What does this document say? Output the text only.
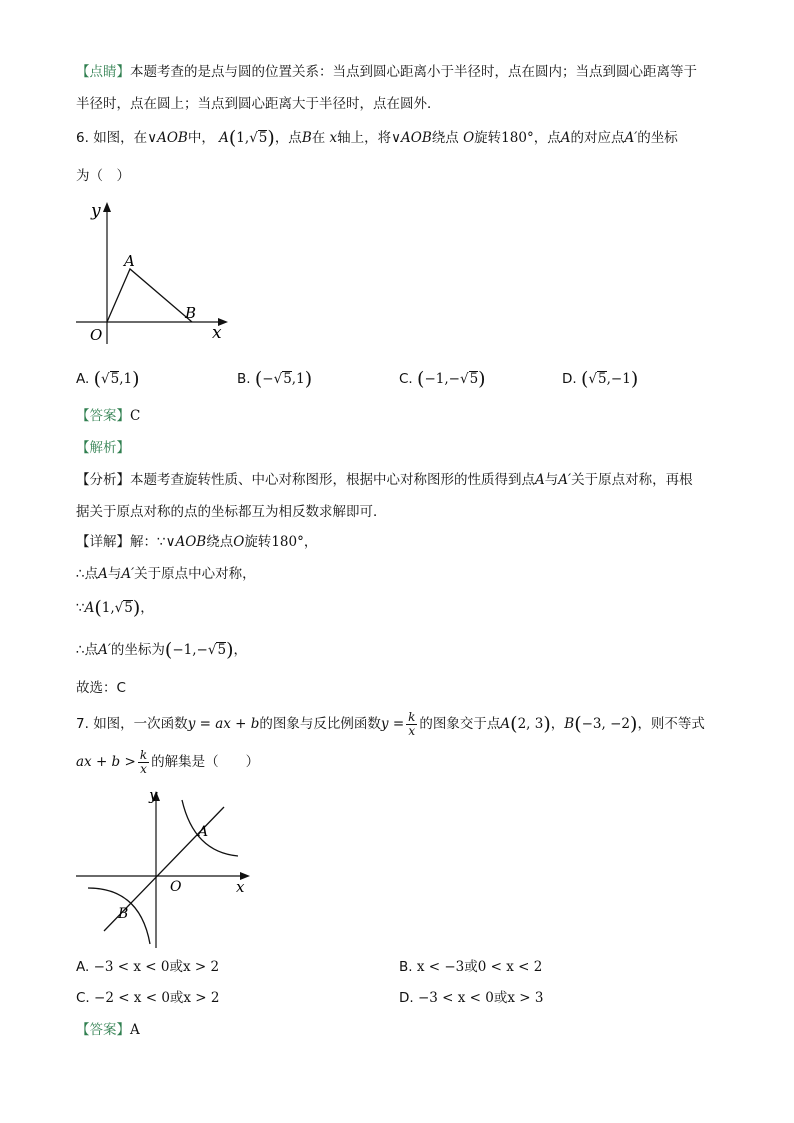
【点睛】本题考查的是点与圆的位置关系：当点到圆心距离小于半径时，点在圆内；当点到圆心距离等于
半径时，点在圆上；当点到圆心距离大于半径时，点在圆外．
6. 如图，在∨AOB中， A(1,√5)，点B在 x轴上，将∨AOB绕点 O旋转180°，点A的对应点A′的坐标
为（　）
y
x
A
B
O
A. (√5,1)	B. (−√5,1)	C. (−1,−√5)	D. (√5,−1)
【答案】C
【解析】
【分析】本题考查旋转性质、中心对称图形，根据中心对称图形的性质得到点A与A′关于原点对称，再根
据关于原点对称的点的坐标都互为相反数求解即可．
【详解】解：∵∨AOB绕点O旋转180°，
∴点A与A′关于原点中心对称，
∵A(1,√5)，
∴点A′的坐标为(−1,−√5)，
故选：C
7. 如图，一次函数y = ax + b的图象与反比例函数$y = \frac{k}{x}$ 的图象交于点A(2, 3)，B(−3, −2)，则不等式
ax + $b > \frac{k}{x}$ 的解集是（　　）
y
x
A
B
O
A. −3 < x < 0或x > 2	B. x < −3或0 < x < 2
C. −2 < x < 0或x > 2	D. −3 < x < 0或x > 3
【答案】A
